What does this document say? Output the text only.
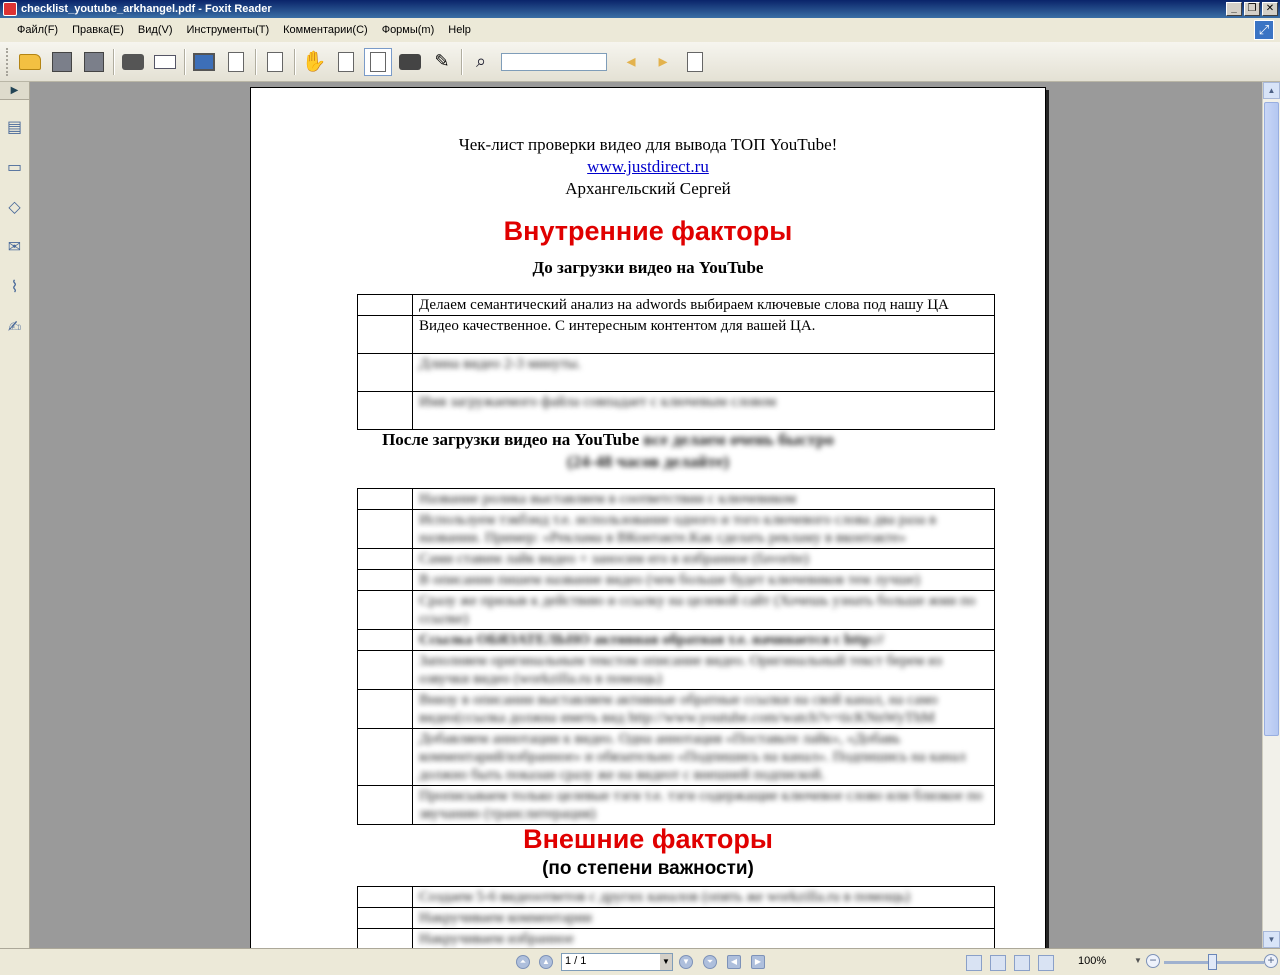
checklist_youtube_arkhangel.pdf - Foxit Reader	_	❐ ✕
Файл(F)	Правка(E)	Вид(V)	Инструменты(T)	Комментарии(C)	Формы(m)	Help	⤢
✋	✎ ⌕	◂ ▸
▶
▤
▭
◇
✉
⌇
✍
Чек-лист проверки видео для вывода ТОП YouTube!
www.justdirect.ru
Архангельский Сергей
Внутренние факторы
До загрузки видео на YouTube
	Делаем семантический анализ на adwords выбираем ключевые слова под нашу ЦА
	Видео качественное. С интересным контентом для вашей ЦА.
	Длина видео 2-3 минуты.
	Имя загружаемого файла совпадает с ключевым словом
После загрузки видео на YouTube все делаем очень быстро
(24-48 часов делайте)
	Название ролика выставляем в соответствии с ключевиком
	Используем тэкбэнд т.е. использование одного и того ключевого слова два раза в названии. Пример: «Реклама в ВКонтакте.Как сделать рекламу в вконтакте»
	Сами ставим лайк видео + заносим его в избранное (favorite)
	В описании пишем название видео (чем больше будет ключевиков тем лучше)
	Сразу же призыв к действию и ссылку на целевой сайт (Хочешь узнать больше жми по ссылке)
	Ссылка ОБЯЗАТЕЛЬНО активная обратная т.е. начинается с http://
	Заполняем оригинальным текстом описание видео. Оригинальный текст берем из озвучки видео (workzilla.ru в помощь)
	Внизу в описании выставляем активные обратные ссылки на свой канал, на само видео(ссылка должна иметь вид http://www.youtube.com/watch?v=ticKNnWyThM
	Добавляем аннотации к видео. Одна аннотация «Поставьте лайк», «Добавь комментарий/избранное» и обязательно «Подпишись на канал». Подпишись на канал должно быть показан сразу же на видеот с внешней подпиской.
	Прописываем только целевые тэги т.е. тэги содержащие ключевое слово или близкое по звучанию (транслитерация)
Внешние факторы
(по степени важности)
	Создаем 5-6 видеоответов с других каналов (опять же workzilla.ru в помощь)
	Накручиваем комментарии
	Накручиваем избранное
▲
▼
⏶	▲	1 / 1	▼	▼	⏷	◀	▶	100%	▼ −	+
